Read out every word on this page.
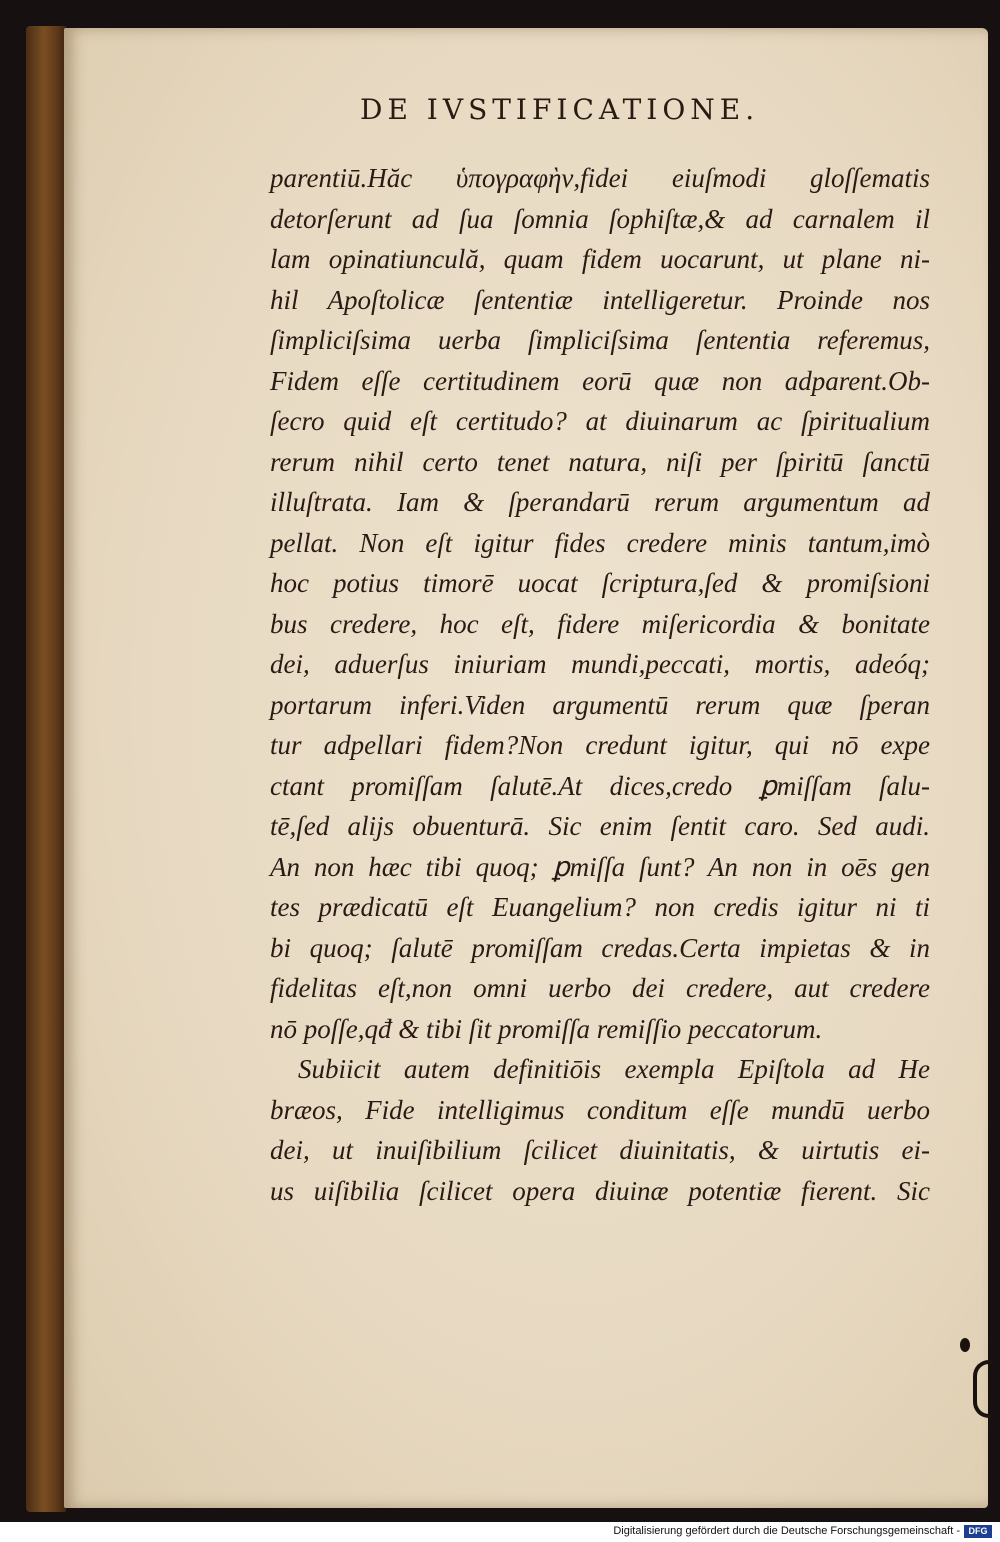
DE IVSTIFICATIONE.
parentiū.Hăc ὑπογραφὴν,fidei eiuſmodi gloſſematis
detorſerunt ad ſua ſomnia ſophiſtæ,& ad carnalem il
lam opinatiunculă, quam fidem uocarunt, ut plane ni-
hil Apoſtolicæ ſententiæ intelligeretur. Proinde nos
ſimpliciſsima uerba ſimpliciſsima ſententia referemus,
Fidem eſſe certitudinem eorū quæ non adparent.Ob-
ſecro quid eſt certitudo? at diuinarum ac ſpiritualium
rerum nihil certo tenet natura, niſi per ſpiritū ſanctū
illuſtrata. Iam & ſperandarū rerum argumentum ad
pellat. Non eſt igitur fides credere minis tantum,imò
hoc potius timorē uocat ſcriptura,ſed & promiſsioni
bus credere, hoc eſt, fidere miſericordia & bonitate
dei, aduerſus iniuriam mundi,peccati, mortis, adeóq;
portarum inferi.Viden argumentū rerum quæ ſperan
tur adpellari fidem?Non credunt igitur, qui nō expe
ctant promiſſam ſalutē.At dices,credo ꝑmiſſam ſalu-
tē,ſed alijs obuenturā. Sic enim ſentit caro. Sed audi.
An non hæc tibi quoq; ꝑmiſſa ſunt? An non in oēs gen
tes prædicatū eſt Euangelium? non credis igitur ni ti
bi quoq; ſalutē promiſſam credas.Certa impietas & in
fidelitas eſt,non omni uerbo dei credere, aut credere
nō poſſe,qđ & tibi ſit promiſſa remiſſio peccatorum.
Subiicit autem definitiōis exempla Epiſtola ad He
bræos, Fide intelligimus conditum eſſe mundū uerbo
dei, ut inuiſibilium ſcilicet diuinitatis, & uirtutis ei-
us uiſibilia ſcilicet opera diuinæ potentiæ fierent. Sic
Digitalisierung gefördert durch die Deutsche Forschungsgemeinschaft - DFG
